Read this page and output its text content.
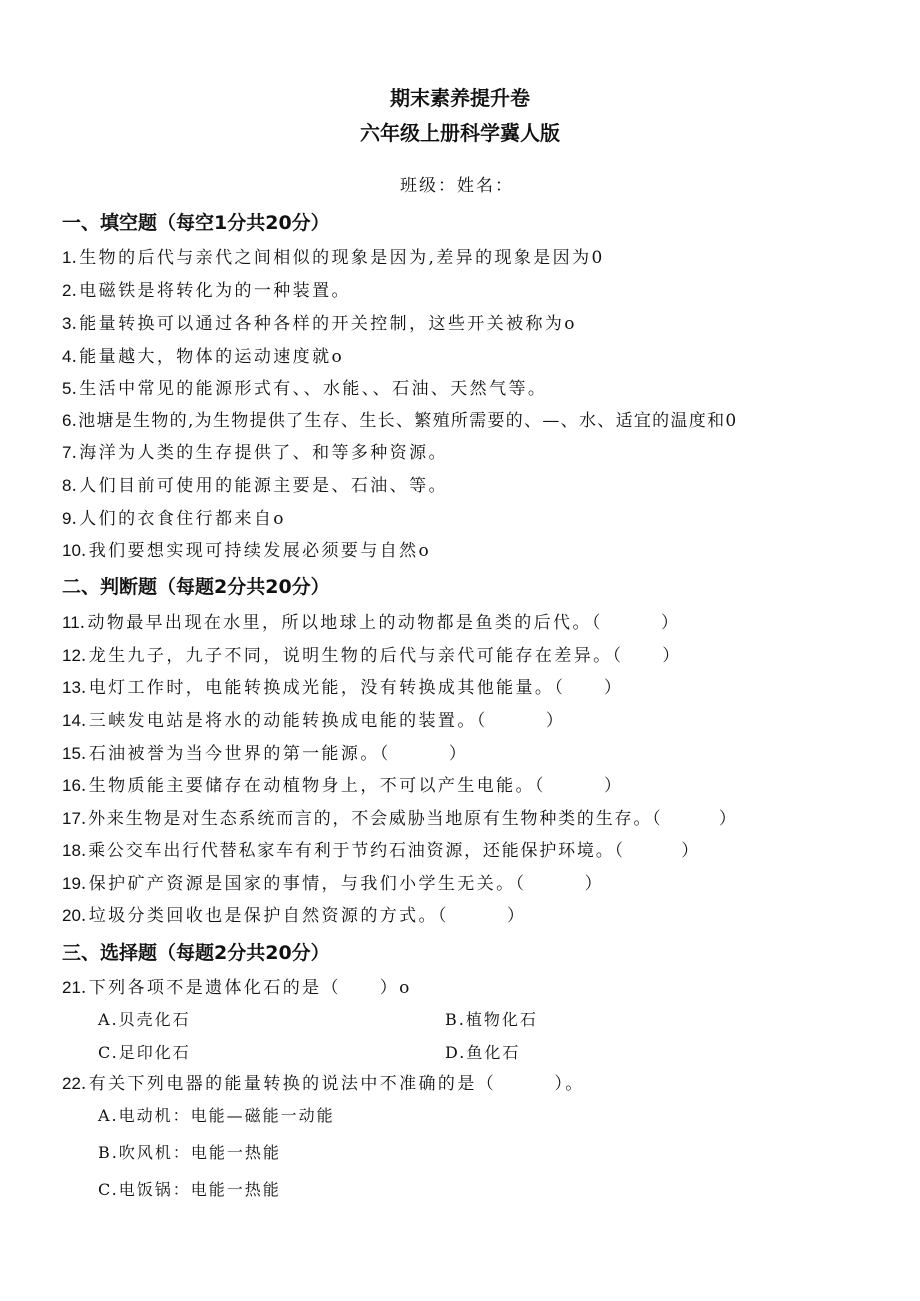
期末素养提升卷
六年级上册科学冀人版
班级：姓名：
一、填空题（每空1分共20分）
1.生物的后代与亲代之间相似的现象是因为,差异的现象是因为0
2.电磁铁是将转化为的一种装置。
3.能量转换可以通过各种各样的开关控制，这些开关被称为o
4.能量越大，物体的运动速度就o
5.生活中常见的能源形式有、、水能、、石油、天然气等。
6.池塘是生物的,为生物提供了生存、生长、繁殖所需要的、—、水、适宜的温度和0
7.海洋为人类的生存提供了、和等多种资源。
8.人们目前可使用的能源主要是、石油、等。
9.人们的衣食住行都来自o
10.我们要想实现可持续发展必须要与自然o
二、判断题（每题2分共20分）
11.动物最早出现在水里，所以地球上的动物都是鱼类的后代。（　　　）
12.龙生九子，九子不同，说明生物的后代与亲代可能存在差异。（　　）
13.电灯工作时，电能转换成光能，没有转换成其他能量。（　　）
14.三峡发电站是将水的动能转换成电能的装置。（　　　）
15.石油被誉为当今世界的第一能源。（　　　）
16.生物质能主要储存在动植物身上，不可以产生电能。（　　　）
17.外来生物是对生态系统而言的，不会威胁当地原有生物种类的生存。（　　　）
18.乘公交车出行代替私家车有利于节约石油资源，还能保护环境。（　　　）
19.保护矿产资源是国家的事情，与我们小学生无关。（　　　）
20.垃圾分类回收也是保护自然资源的方式。（　　　）
三、选择题（每题2分共20分）
21.下列各项不是遗体化石的是（　　）o
A.贝壳化石	B.植物化石
C.足印化石	D.鱼化石
22.有关下列电器的能量转换的说法中不准确的是（　　　）。
A.电动机：电能—磁能一动能
B.吹风机：电能一热能
C.电饭锅：电能一热能
